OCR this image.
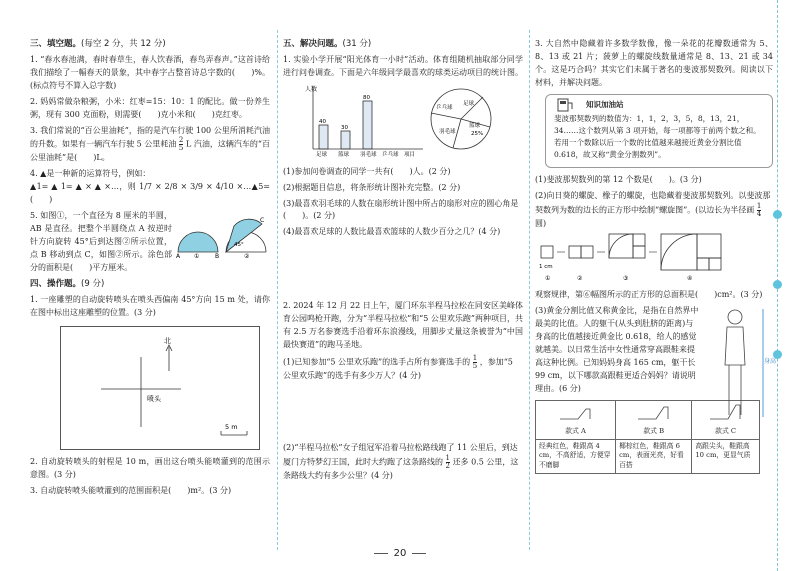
三、填空题。(每空 2 分，共 12 分)
1. “春水春池满，春时春草生，春人饮春酒，春鸟弄春声。”这首诗给我们描绘了一幅春天的景象，其中春字占整首诗总字数的(　　)%。(标点符号不算入总字数)
2. 妈妈常做杂粮粥，小米：红枣=15：10：1 的配比。做一份养生粥，现有 300 克面粉，则需要(　　)克小米和(　　)克红枣。
3. 我们常说的“百公里油耗”，指的是汽车行驶 100 公里所消耗汽油的升数。如果有一辆汽车行驶 5 公里耗油 $\frac{2}{5}$ L 汽油，这辆汽车的“百公里油耗”是(　　)L。
4. ▲是一种新的运算符号，例如：
▲1= ▲ 1= ▲ × ▲ ×…，则 1/7 × 2/8 × 3/9 × 4/10 ×…▲5=(　　)
5. 如图①，一个直径为 8 厘米的半圆，AB 是直径。把整个半圆绕点 A 按逆时针方向旋转 45°后到达图②所示位置，点 B 移动到点 C，如图②所示。涂色部分的面积是(　　)平方厘米。
A	B
①
45°
C
②
四、操作题。(9 分)
1. 一座雕塑的自动旋转喷头在喷头西偏南 45°方向 15 m 处，请你在图中标出这座雕塑的位置。(3 分)
北
喷头
5 m
2. 自动旋转喷头的射程是 10 m，画出这台喷头能喷灌到的范围示意图。(3 分)
3. 自动旋转喷头能喷灌到的范围面积是(　　)m²。(3 分)
五、解决问题。(31 分)
1. 实验小学开展“阳光体育一小时”活动。体育组随机抽取部分同学进行问卷调查。下面是六年级同学最喜欢的球类运动项目的统计图。
40
30
80
人数
足球 篮球 羽毛球 乒乓球 项目
乒乓球
足球
篮球
25%
羽毛球
(1)参加问卷调查的同学一共有(　　)人。(2 分)
(2)根据题目信息，将条形统计图补充完整。(2 分)
(3)最喜欢羽毛球的人数在扇形统计图中所占的扇形对应的圆心角是(　　)。(2 分)
(4)最喜欢足球的人数比最喜欢篮球的人数少百分之几？(4 分)
2. 2024 年 12 月 22 日上午，厦门环东半程马拉松在同安区美峰体育公园鸣枪开跑，分为“半程马拉松”和“5 公里欢乐跑”两种项目，共有 2.5 万名参赛选手沿着环东浪漫线，用脚步丈量这条被誉为“中国最快赛道”的跑马圣地。
(1)已知参加“5 公里欢乐跑”的选手占所有参赛选手的 $\frac{1}{5}$ ，参加“5 公里欢乐跑”的选手有多少万人？(4 分)
(2)“半程马拉松”女子组冠军沿着马拉松路线跑了 11 公里后，到达厦门方特梦幻王国，此时大约跑了这条路线的 $\frac{1}{2}$ 还多 0.5 公里，这条路线大约有多少公里？(4 分)
3. 大自然中隐藏着许多数学数像，像一朵花的花瓣数通常为 5、8、13 或 21 片；菠萝上的螺旋线数量通常是 8、13、21 或 34 个。这是巧合吗？其实它们未属于著名的斐波那契数列。阅读以下材料，并解决问题。
知识加油站
斐波那契数列的数值为：1，1，2，3，5，8，13，21，34……这个数列从第 3 项开始，每一项都等于前两个数之和。若用一个数除以后一个数的比值越来越接近黄金分割比值 0.618，故又称“黄金分割数列”。
(1)斐波那契数列的第 12 个数是(　　)。(3 分)
(2)向日葵的螺旋、橡子的螺旋，也隐藏着斐波那契数列。以斐波那契数列为数的边长的正方形中绘制“螺旋图”。(以边长为半径画 $\frac{1}{4}$
圆)
1 cm
①	②	③	④
观察规律，第⑥幅图所示的正方形的总面积是(　　)cm²。(3 分)
(3)黄金分割比值又称黄金比，是指在自然界中最美的比值。人的躯干(从头到肚脐的距离)与身高的比值越接近黄金比 0.618，给人的感觉就越美。以日常生活中女性通常穿高跟鞋来提高这种比例。已知妈妈身高 165 cm，躯干长 99 cm，以下哪款高跟鞋更适合妈妈？请说明理由。(6 分)
身高

款式 A	款式 B	款式 C
经典红色，鞋跟高 4 cm，不高舒适，方便穿不磨脚	椰棕红色，鞋跟高 6 cm，表面光亮，好看百搭	高跟尖头，鞋跟高 10 cm，更显气质
20
